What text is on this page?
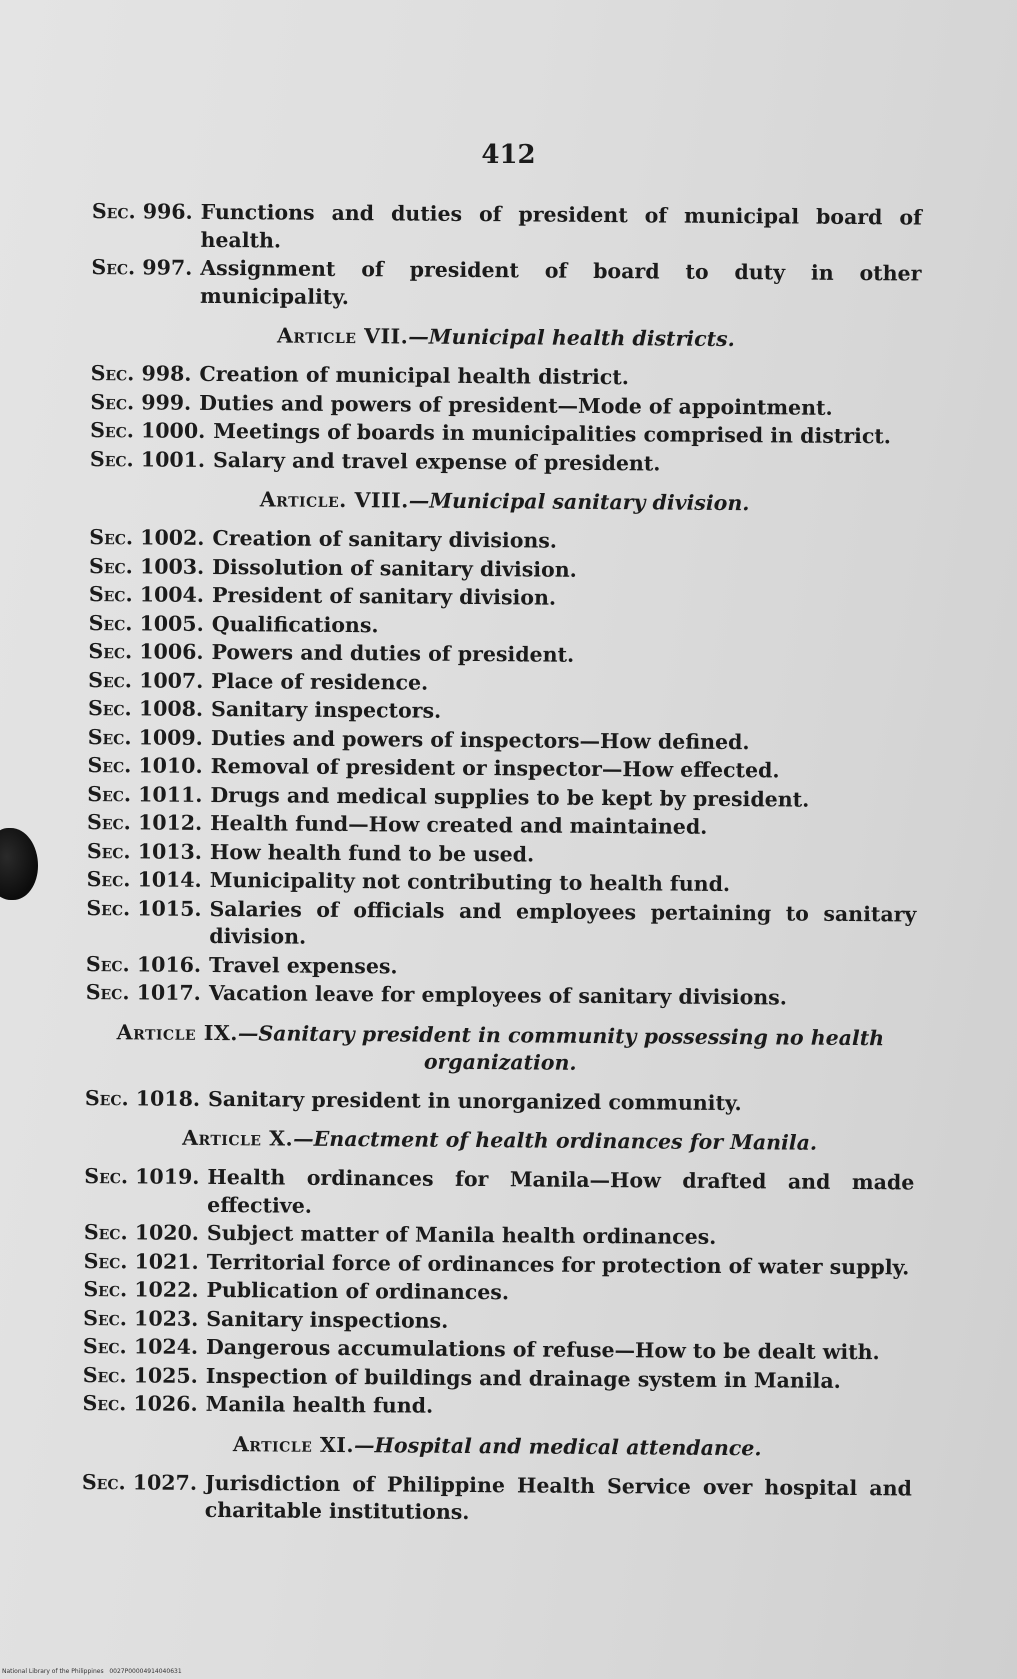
412
Sec. 996. Functions and duties of president of municipal board of health.
Sec. 997. Assignment of president of board to duty in other municipality.
Article VII.—Municipal health districts.
Sec. 998. Creation of municipal health district.
Sec. 999. Duties and powers of president—Mode of appointment.
Sec. 1000. Meetings of boards in municipalities comprised in district.
Sec. 1001. Salary and travel expense of president.
Article. VIII.—Municipal sanitary division.
Sec. 1002. Creation of sanitary divisions.
Sec. 1003. Dissolution of sanitary division.
Sec. 1004. President of sanitary division.
Sec. 1005. Qualifications.
Sec. 1006. Powers and duties of president.
Sec. 1007. Place of residence.
Sec. 1008. Sanitary inspectors.
Sec. 1009. Duties and powers of inspectors—How defined.
Sec. 1010. Removal of president or inspector—How effected.
Sec. 1011. Drugs and medical supplies to be kept by president.
Sec. 1012. Health fund—How created and maintained.
Sec. 1013. How health fund to be used.
Sec. 1014. Municipality not contributing to health fund.
Sec. 1015. Salaries of officials and employees pertaining to sanitary division.
Sec. 1016. Travel expenses.
Sec. 1017. Vacation leave for employees of sanitary divisions.
Article IX.—Sanitary president in community possessing no health organization.
Sec. 1018. Sanitary president in unorganized community.
Article X.—Enactment of health ordinances for Manila.
Sec. 1019. Health ordinances for Manila—How drafted and made effective.
Sec. 1020. Subject matter of Manila health ordinances.
Sec. 1021. Territorial force of ordinances for protection of water supply.
Sec. 1022. Publication of ordinances.
Sec. 1023. Sanitary inspections.
Sec. 1024. Dangerous accumulations of refuse—How to be dealt with.
Sec. 1025. Inspection of buildings and drainage system in Manila.
Sec. 1026. Manila health fund.
Article XI.—Hospital and medical attendance.
Sec. 1027. Jurisdiction of Philippine Health Service over hospital and charitable institutions.
National Library of the Philippines 0027P00004914040631
